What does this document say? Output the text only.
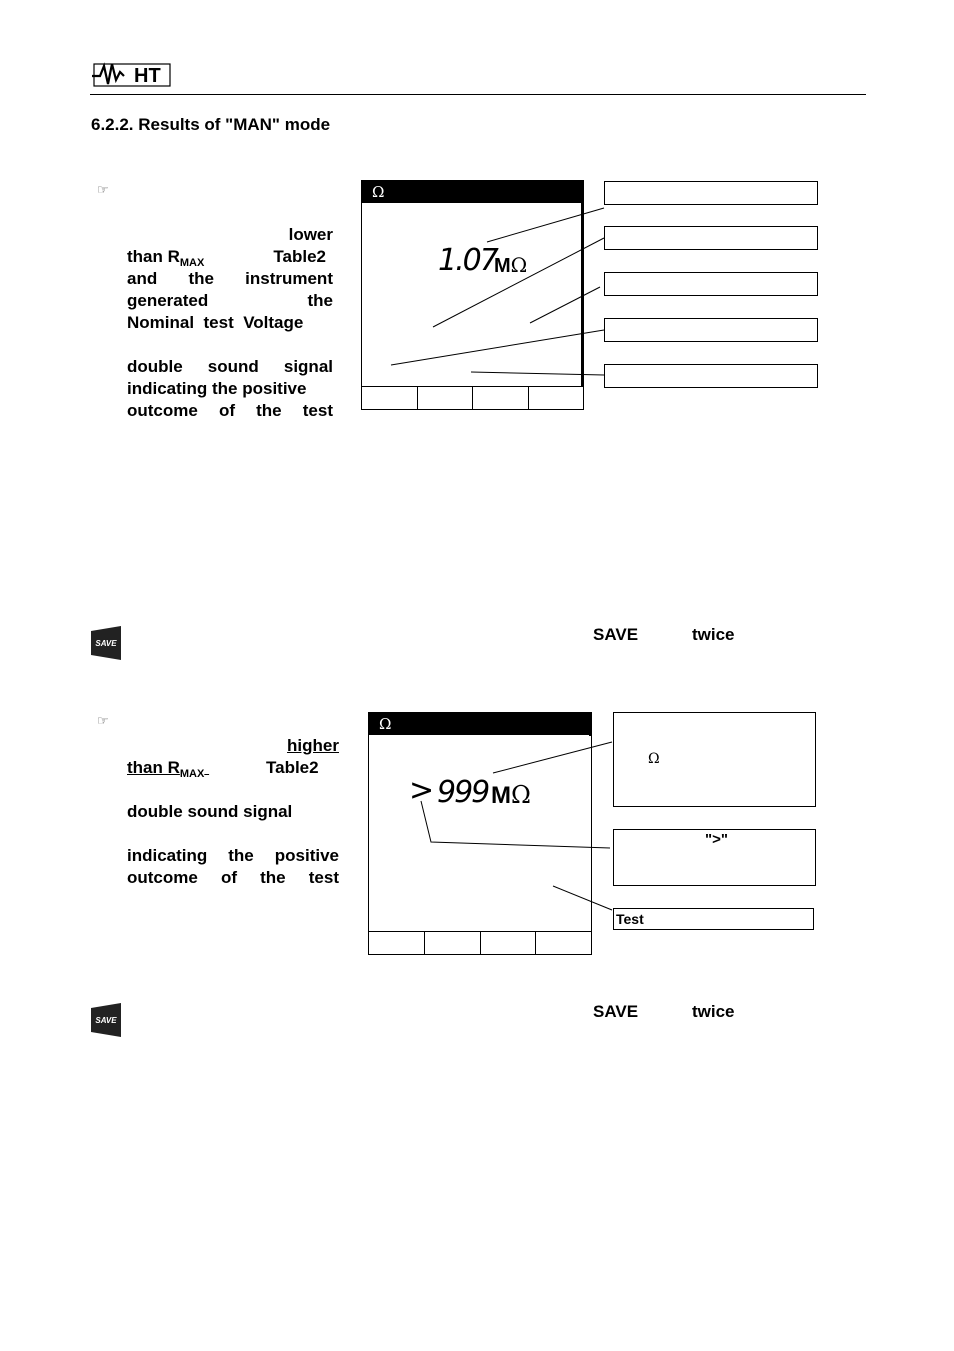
HT
6.2.2. Results of "MAN" mode
☞
lower
than $R_{MAX}$	Table2
and the instrument
generated	the
Nominal test Voltage
double sound signal
indicating the positive
outcome of the test
Ω
1.07
MΩ
SAVE	SAVE	twice
☞
higher
than $R_{MAX}$	Table2
double sound signal
indicating the positive
outcome of the test
Ω
> 999 MΩ
Ω
">"
Test
SAVE	SAVE	twice
